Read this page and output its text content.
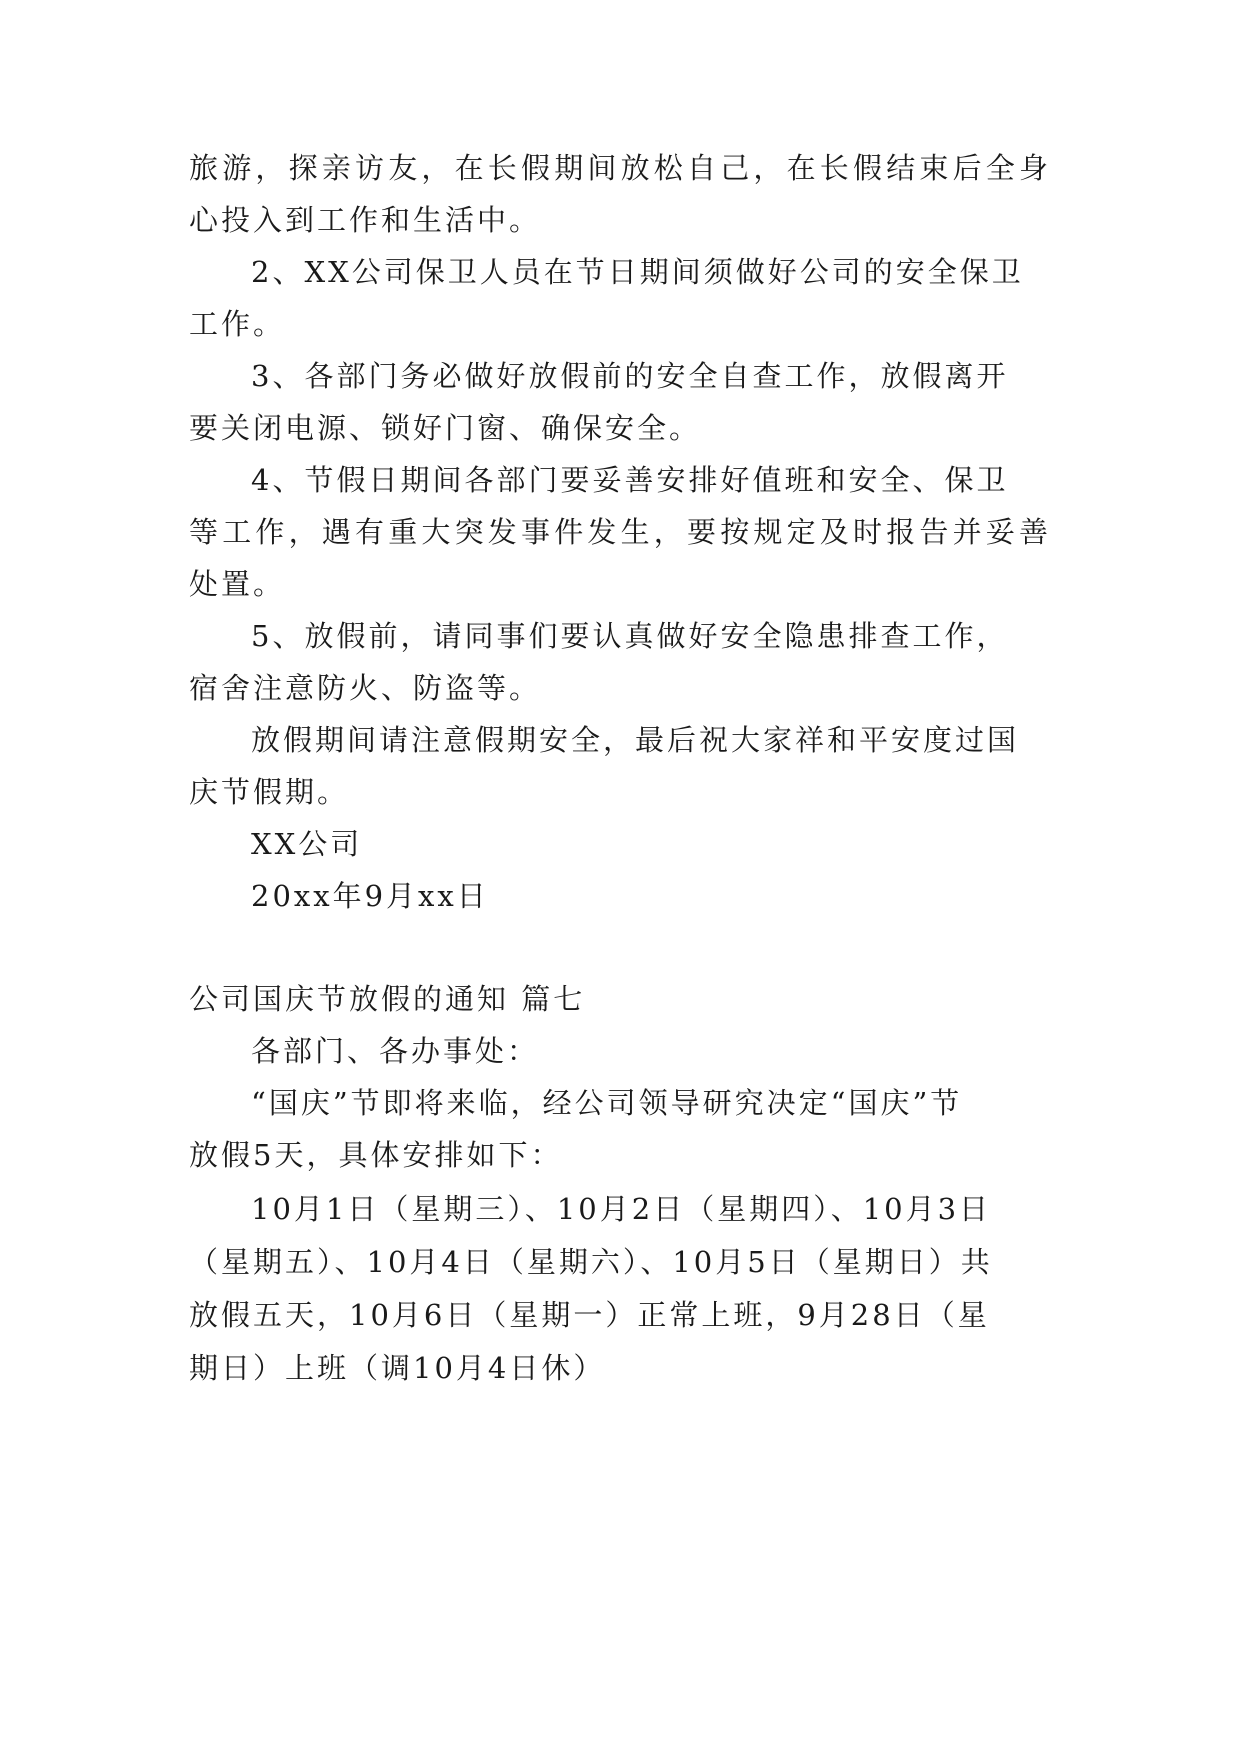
旅游，探亲访友，在长假期间放松自己，在长假结束后全身
心投入到工作和生活中。
2、XX公司保卫人员在节日期间须做好公司的安全保卫
工作。
3、各部门务必做好放假前的安全自查工作，放假离开
要关闭电源、锁好门窗、确保安全。
4、节假日期间各部门要妥善安排好值班和安全、保卫
等工作，遇有重大突发事件发生，要按规定及时报告并妥善
处置。
5、放假前，请同事们要认真做好安全隐患排查工作，
宿舍注意防火、防盗等。
放假期间请注意假期安全，最后祝大家祥和平安度过国
庆节假期。
XX公司
20xx年9月xx日
公司国庆节放假的通知 篇七
各部门、各办事处：
“国庆”节即将来临，经公司领导研究决定“国庆”节
放假5天，具体安排如下：
10月1日（星期三）、10月2日（星期四）、10月3日
（星期五）、10月4日（星期六）、10月5日（星期日）共
放假五天，10月6日（星期一）正常上班，9月28日（星
期日）上班（调10月4日休）
